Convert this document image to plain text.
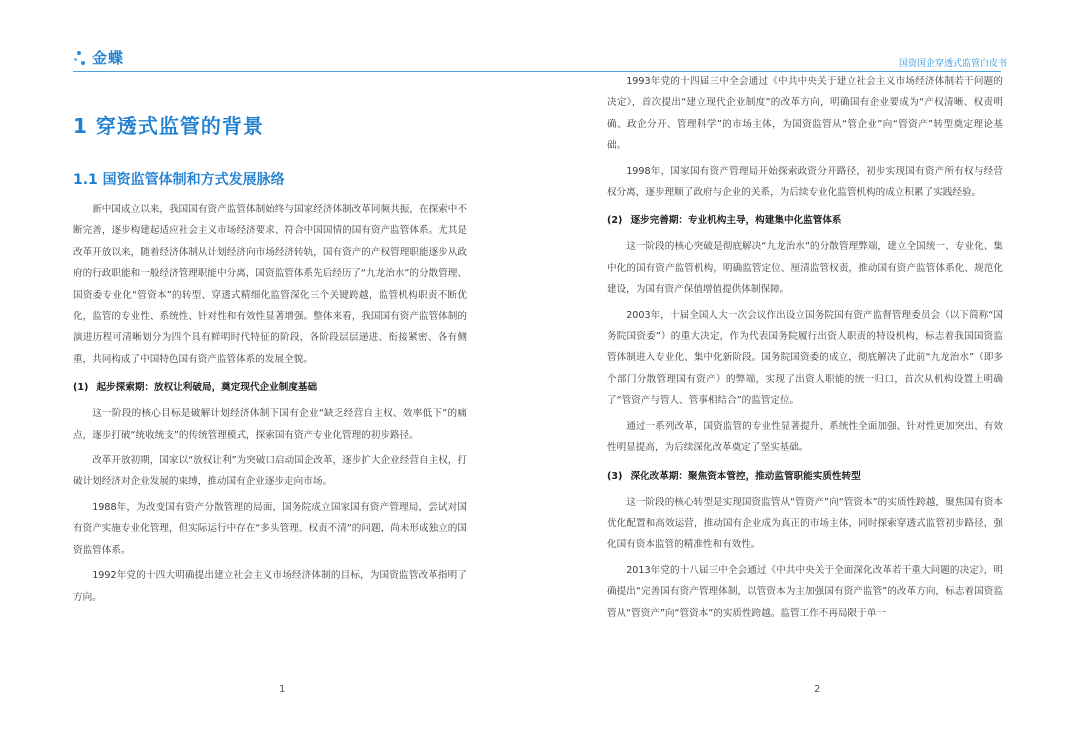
金蝶
1 穿透式监管的背景
1.1 国资监管体制和方式发展脉络

新中国成立以来，我国国有资产监管体制始终与国家经济体制改革同频共振，在探索中不断完善，逐步构建起适应社会主义市场经济要求、符合中国国情的国有资产监管体系。尤其是改革开放以来，随着经济体制从计划经济向市场经济转轨，国有资产的产权管理职能逐步从政府的行政职能和一般经济管理职能中分离，国资监管体系先后经历了“九龙治水”的分散管理、国资委专业化“管资本”的转型、穿透式精细化监管深化三个关键跨越，监管机构职责不断优化，监管的专业性、系统性、针对性和有效性显著增强。整体来看，我国国有资产监管体制的演进历程可清晰划分为四个具有鲜明时代特征的阶段，各阶段层层递进、衔接紧密、各有侧重，共同构成了中国特色国有资产监管体系的发展全貌。

(1) 起步探索期：放权让利破局，奠定现代企业制度基础

这一阶段的核心目标是破解计划经济体制下国有企业“缺乏经营自主权、效率低下”的痛点，逐步打破“统收统支”的传统管理模式，探索国有资产专业化管理的初步路径。

改革开放初期，国家以“放权让利”为突破口启动国企改革，逐步扩大企业经营自主权，打破计划经济对企业发展的束缚，推动国有企业逐步走向市场。

1988年，为改变国有资产分散管理的局面，国务院成立国家国有资产管理局，尝试对国有资产实施专业化管理，但实际运行中存在“多头管理、权责不清”的问题，尚未形成独立的国资监管体系。

1992年党的十四大明确提出建立社会主义市场经济体制的目标，为国资监管改革指明了方向。

1
国资国企穿透式监管白皮书

1993年党的十四届三中全会通过《中共中央关于建立社会主义市场经济体制若干问题的决定》，首次提出“建立现代企业制度”的改革方向，明确国有企业要成为“产权清晰、权责明确、政企分开、管理科学”的市场主体，为国资监管从“管企业”向“管资产”转型奠定理论基础。

1998年，国家国有资产管理局开始探索政资分开路径，初步实现国有资产所有权与经营权分离，逐步理顺了政府与企业的关系，为后续专业化监管机构的成立积累了实践经验。

(2) 逐步完善期：专业机构主导，构建集中化监管体系

这一阶段的核心突破是彻底解决“九龙治水”的分散管理弊端，建立全国统一、专业化、集中化的国有资产监管机构，明确监管定位、厘清监管权责，推动国有资产监管体系化、规范化建设，为国有资产保值增值提供体制保障。

2003年，十届全国人大一次会议作出设立国务院国有资产监督管理委员会（以下简称“国务院国资委”）的重大决定，作为代表国务院履行出资人职责的特设机构，标志着我国国资监管体制进入专业化、集中化新阶段。国务院国资委的成立，彻底解决了此前“九龙治水”（即多个部门分散管理国有资产）的弊端，实现了出资人职能的统一归口，首次从机构设置上明确了“管资产与管人、管事相结合”的监管定位。

通过一系列改革，国资监管的专业性显著提升、系统性全面加强、针对性更加突出、有效性明显提高，为后续深化改革奠定了坚实基础。

(3) 深化改革期：聚焦资本管控，推动监管职能实质性转型

这一阶段的核心转型是实现国资监管从“管资产”向“管资本”的实质性跨越，聚焦国有资本优化配置和高效运营，推动国有企业成为真正的市场主体，同时探索穿透式监管初步路径，强化国有资本监管的精准性和有效性。

2013年党的十八届三中全会通过《中共中央关于全面深化改革若干重大问题的决定》，明确提出“完善国有资产管理体制，以管资本为主加强国有资产监管”的改革方向，标志着国资监管从“管资产”向“管资本”的实质性跨越。监管工作不再局限于单一

2
